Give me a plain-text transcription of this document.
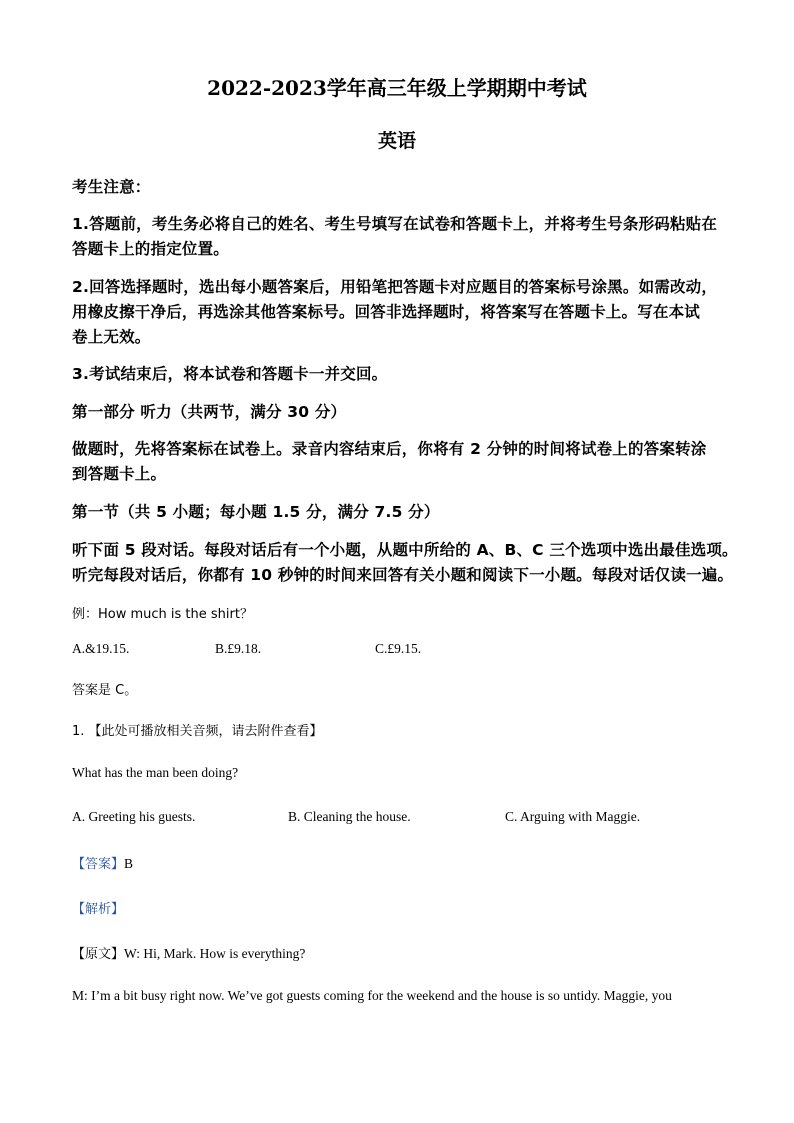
2022-2023学年高三年级上学期期中考试
英语
考生注意：
1.答题前，考生务必将自己的姓名、考生号填写在试卷和答题卡上，并将考生号条形码粘贴在
答题卡上的指定位置。
2.回答选择题时，选出每小题答案后，用铅笔把答题卡对应题目的答案标号涂黑。如需改动，
用橡皮擦干净后，再选涂其他答案标号。回答非选择题时，将答案写在答题卡上。写在本试
卷上无效。
3.考试结束后，将本试卷和答题卡一并交回。
第一部分 听力（共两节，满分 30 分）
做题时，先将答案标在试卷上。录音内容结束后，你将有 2 分钟的时间将试卷上的答案转涂
到答题卡上。
第一节（共 5 小题；每小题 1.5 分，满分 7.5 分）
听下面 5 段对话。每段对话后有一个小题，从题中所给的 A、B、C 三个选项中选出最佳选项。
听完每段对话后，你都有 10 秒钟的时间来回答有关小题和阅读下一小题。每段对话仅读一遍。
例：How much is the shirt？
A.&19.15.	B.£9.18.	C.£9.15.
答案是 C。
1. 【此处可播放相关音频，请去附件查看】
What has the man been doing?
A. Greeting his guests.	B. Cleaning the house.	C. Arguing with Maggie.
【答案】B
【解析】
【原文】W: Hi, Mark. How is everything?
M: I’m a bit busy right now. We’ve got guests coming for the weekend and the house is so untidy. Maggie, you
